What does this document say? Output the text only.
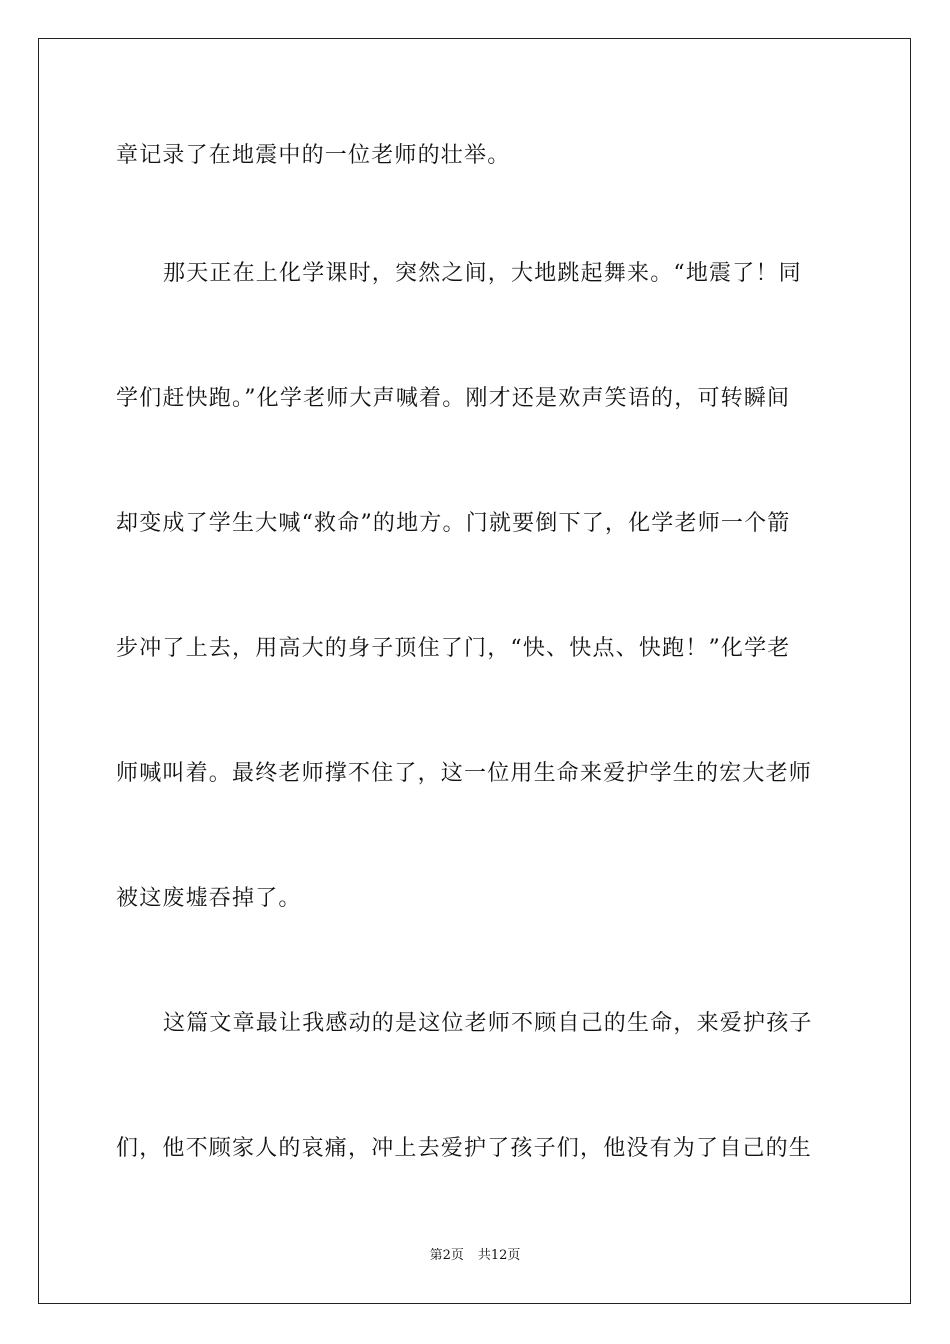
章记录了在地震中的一位老师的壮举。

那天正在上化学课时，突然之间，大地跳起舞来。“地震了！同

学们赶快跑。”化学老师大声喊着。刚才还是欢声笑语的，可转瞬间

却变成了学生大喊“救命”的地方。门就要倒下了，化学老师一个箭

步冲了上去，用高大的身子顶住了门，“快、快点、快跑！”化学老

师喊叫着。最终老师撑不住了，这一位用生命来爱护学生的宏大老师

被这废墟吞掉了。

这篇文章最让我感动的是这位老师不顾自己的生命，来爱护孩子

们，他不顾家人的哀痛，冲上去爱护了孩子们，他没有为了自己的生

第2页 共12页
